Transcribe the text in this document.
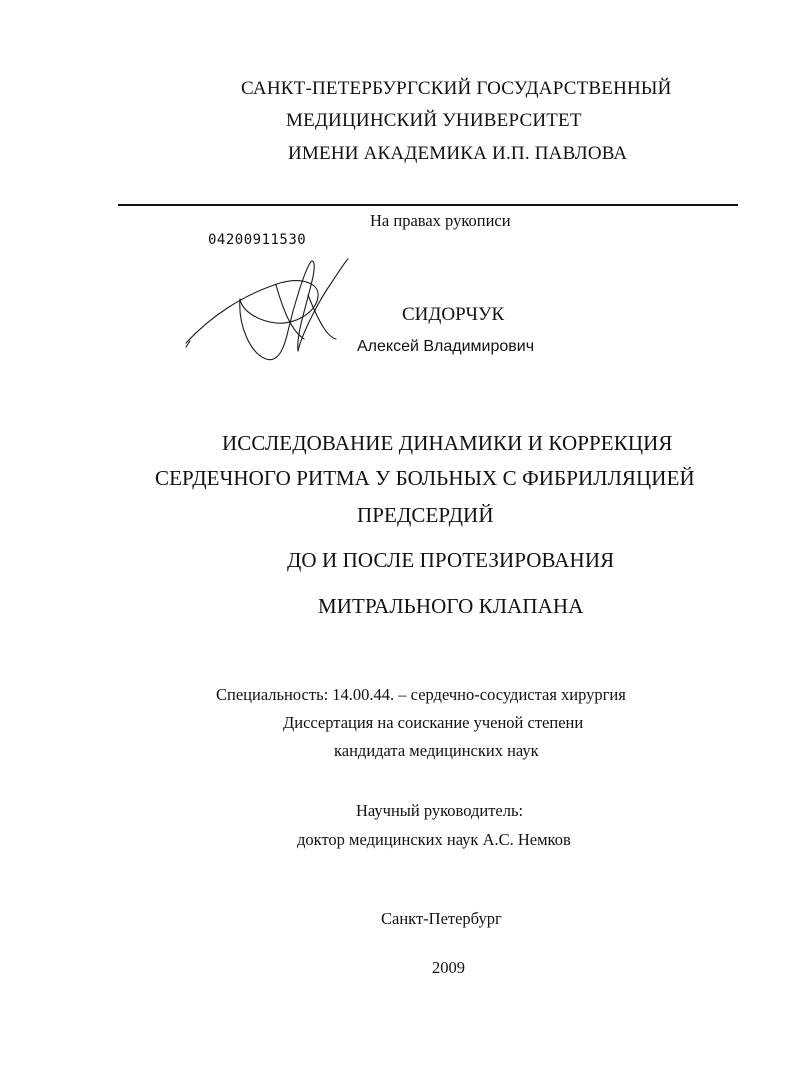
САНКТ-ПЕТЕРБУРГСКИЙ ГОСУДАРСТВЕННЫЙ
МЕДИЦИНСКИЙ УНИВЕРСИТЕТ
ИМЕНИ АКАДЕМИКА И.П. ПАВЛОВА
На правах рукописи
04200911530
СИДОРЧУК
Алексей Владимирович
ИССЛЕДОВАНИЕ ДИНАМИКИ И КОРРЕКЦИЯ
СЕРДЕЧНОГО РИТМА У БОЛЬНЫХ С ФИБРИЛЛЯЦИЕЙ
ПРЕДСЕРДИЙ
ДО И ПОСЛЕ ПРОТЕЗИРОВАНИЯ
МИТРАЛЬНОГО КЛАПАНА
Специальность: 14.00.44. – сердечно-сосудистая хирургия
Диссертация на соискание ученой степени
кандидата медицинских наук
Научный руководитель:
доктор медицинских наук А.С. Немков
Санкт-Петербург
2009
